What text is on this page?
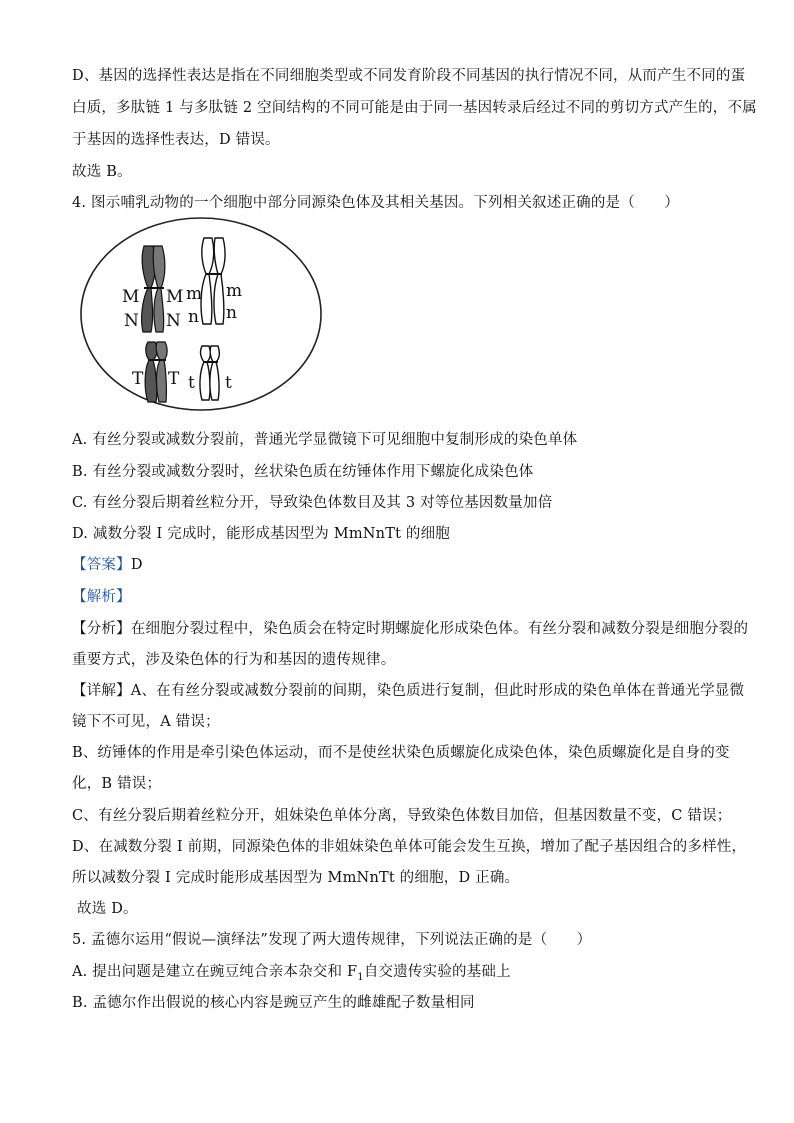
D、基因的选择性表达是指在不同细胞类型或不同发育阶段不同基因的执行情况不同，从而产生不同的蛋
白质，多肽链 1 与多肽链 2 空间结构的不同可能是由于同一基因转录后经过不同的剪切方式产生的，不属
于基因的选择性表达，D 错误。
故选 B。
4. 图示哺乳动物的一个细胞中部分同源染色体及其相关基因。下列相关叙述正确的是（　　）
M
N
M
N
m
n
m
n
T T t t
A. 有丝分裂或减数分裂前，普通光学显微镜下可见细胞中复制形成的染色单体
B. 有丝分裂或减数分裂时，丝状染色质在纺锤体作用下螺旋化成染色体
C. 有丝分裂后期着丝粒分开，导致染色体数目及其 3 对等位基因数量加倍
D. 减数分裂 I 完成时，能形成基因型为 MmNnTt 的细胞
【答案】D
【解析】
【分析】在细胞分裂过程中，染色质会在特定时期螺旋化形成染色体。有丝分裂和减数分裂是细胞分裂的
重要方式，涉及染色体的行为和基因的遗传规律。
【详解】A、在有丝分裂或减数分裂前的间期，染色质进行复制，但此时形成的染色单体在普通光学显微
镜下不可见，A 错误；
B、纺锤体的作用是牵引染色体运动，而不是使丝状染色质螺旋化成染色体，染色质螺旋化是自身的变
化，B 错误；
C、有丝分裂后期着丝粒分开，姐妹染色单体分离，导致染色体数目加倍，但基因数量不变，C 错误；
D、在减数分裂 I 前期，同源染色体的非姐妹染色单体可能会发生互换，增加了配子基因组合的多样性，
所以减数分裂 I 完成时能形成基因型为 MmNnTt 的细胞，D 正确。
故选 D。
5. 孟德尔运用“假说—演绎法”发现了两大遗传规律，下列说法正确的是（　　）
A. 提出问题是建立在豌豆纯合亲本杂交和 $F_1$自交遗传实验的基础上
B. 孟德尔作出假说的核心内容是豌豆产生的雌雄配子数量相同
